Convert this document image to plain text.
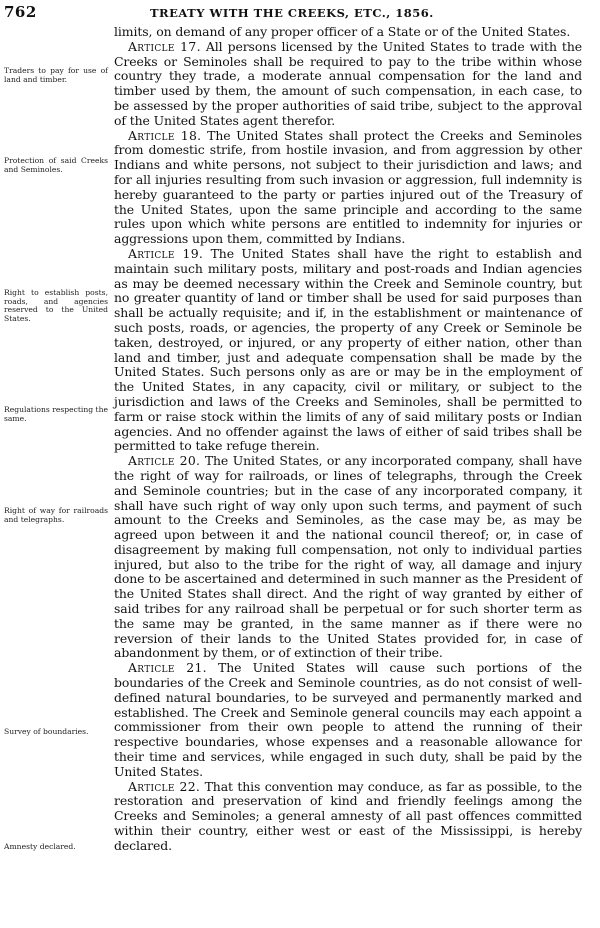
762	TREATY WITH THE CREEKS, ETC., 1856.
Traders to pay for use of land and timber.
Protection of said Creeks and Seminoles.
Right to establish posts, roads, and agencies reserved to the United States.
Regulations respecting the same.
Right of way for railroads and telegraphs.
Survey of boundaries.
Amnesty declared.

limits, on demand of any proper officer of a State or of the United States.

Article 17. All persons licensed by the United States to trade with the Creeks or Seminoles shall be required to pay to the tribe within whose country they trade, a moderate annual compensation for the land and timber used by them, the amount of such compensation, in each case, to be assessed by the proper authorities of said tribe, subject to the approval of the United States agent therefor.

Article 18. The United States shall protect the Creeks and Seminoles from domestic strife, from hostile invasion, and from aggression by other Indians and white persons, not subject to their jurisdiction and laws; and for all injuries resulting from such invasion or aggression, full indemnity is hereby guaranteed to the party or parties injured out of the Treasury of the United States, upon the same principle and according to the same rules upon which white persons are entitled to indemnity for injuries or aggressions upon them, committed by Indians.

Article 19. The United States shall have the right to establish and maintain such military posts, military and post-roads and Indian agencies as may be deemed necessary within the Creek and Seminole country, but no greater quantity of land or timber shall be used for said purposes than shall be actually requisite; and if, in the establishment or maintenance of such posts, roads, or agencies, the property of any Creek or Seminole be taken, destroyed, or injured, or any property of either nation, other than land and timber, just and adequate compensation shall be made by the United States. Such persons only as are or may be in the employment of the United States, in any capacity, civil or military, or subject to the jurisdiction and laws of the Creeks and Seminoles, shall be permitted to farm or raise stock within the limits of any of said military posts or Indian agencies. And no offender against the laws of either of said tribes shall be permitted to take refuge therein.

Article 20. The United States, or any incorporated company, shall have the right of way for railroads, or lines of telegraphs, through the Creek and Seminole countries; but in the case of any incorporated company, it shall have such right of way only upon such terms, and payment of such amount to the Creeks and Seminoles, as the case may be, as may be agreed upon between it and the national council thereof; or, in case of disagreement by making full compensation, not only to individual parties injured, but also to the tribe for the right of way, all damage and injury done to be ascertained and determined in such manner as the President of the United States shall direct. And the right of way granted by either of said tribes for any railroad shall be perpetual or for such shorter term as the same may be granted, in the same manner as if there were no reversion of their lands to the United States provided for, in case of abandonment by them, or of extinction of their tribe.

Article 21. The United States will cause such portions of the boundaries of the Creek and Seminole countries, as do not consist of well-defined natural boundaries, to be surveyed and permanently marked and established. The Creek and Seminole general councils may each appoint a commissioner from their own people to attend the running of their respective boundaries, whose expenses and a reasonable allowance for their time and services, while engaged in such duty, shall be paid by the United States.

Article 22. That this convention may conduce, as far as possible, to the restoration and preservation of kind and friendly feelings among the Creeks and Seminoles; a general amnesty of all past offences committed within their country, either west or east of the Mississippi, is hereby declared.
